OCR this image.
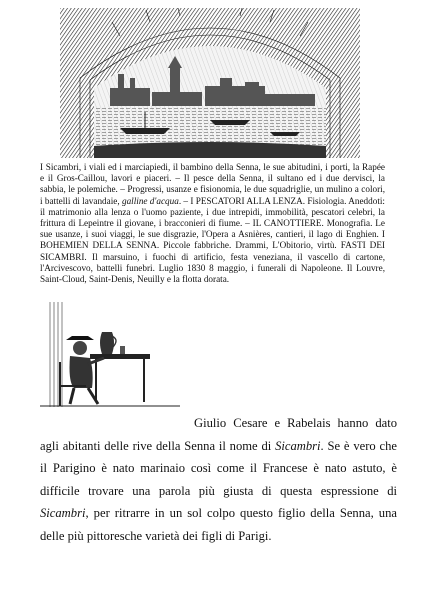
I Sicambri, i viali ed i marciapiedi, il bambino della Senna, le sue abitudini, i porti, la Rapée e il Gros-Caillou, lavori e piaceri. – Il pesce della Senna, il sultano ed i due dervisci, la sabbia, le polemiche. – Progressi, usanze e fisionomia, le due squadriglie, un mulino a colori, i battelli di lavandaie, galline d'acqua. – I PESCATORI ALLA LENZA. Fisiologia. Aneddoti: il matrimonio alla lenza o l'uomo paziente, i due intrepidi, immobilità, pescatori celebri, la frittura di Lepeintre il giovane, i bracconieri di fiume. – IL CANOTTIERE. Monografia. Le sue usanze, i suoi viaggi, le sue disgrazie, l'Opera a Asnières, cantieri, il lago di Enghien. I BOHEMIEN DELLA SENNA. Piccole fabbriche. Drammi, L'Obitorio, virtù. FASTI DEI SICAMBRI. Il marsuino, i fuochi di artificio, festa veneziana, il vascello di cartone, l'Arcivescovo, battelli funebri. Luglio 1830 8 maggio, i funerali di Napoleone. Il Louvre, Saint-Cloud, Saint-Denis, Neuilly e la flotta dorata.

Giulio Cesare e Rabelais hanno dato agli abitanti delle rive della Senna il nome di Sicambri. Se è vero che il Parigino è nato marinaio così come il Francese è nato astuto, è difficile trovare una parola più giusta di questa espressione di Sicambri, per ritrarre in un sol colpo questo figlio della Senna, una delle più pittoresche varietà dei figli di Parigi.
